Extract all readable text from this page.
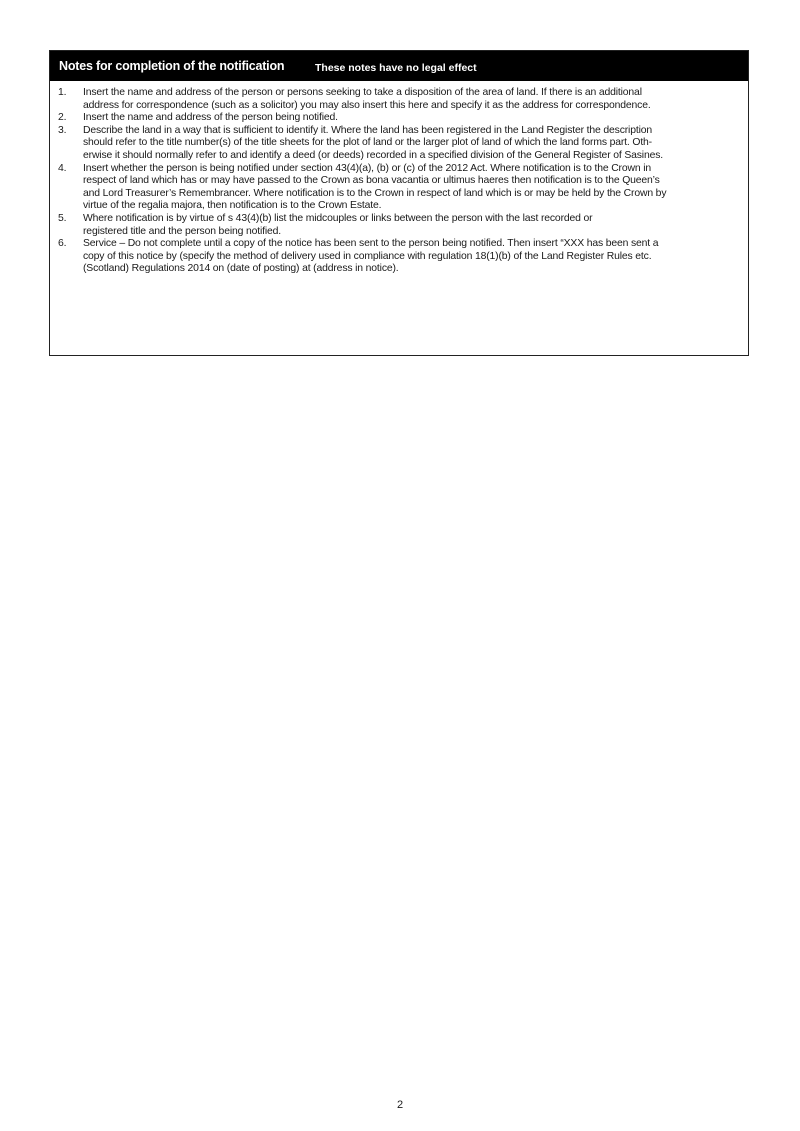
Notes for completion of the notification	These notes have no legal effect
1.	Insert the name and address of the person or persons seeking to take a disposition of the area of land. If there is an additional
address for correspondence (such as a solicitor) you may also insert this here and specify it as the address for correspondence.
2.	Insert the name and address of the person being notified.
3.	Describe the land in a way that is sufficient to identify it. Where the land has been registered in the Land Register the description
should refer to the title number(s) of the title sheets for the plot of land or the larger plot of land of which the land forms part. Oth-
erwise it should normally refer to and identify a deed (or deeds) recorded in a specified division of the General Register of Sasines.
4.	Insert whether the person is being notified under section 43(4)(a), (b) or (c) of the 2012 Act. Where notification is to the Crown in
respect of land which has or may have passed to the Crown as bona vacantia or ultimus haeres then notification is to the Queen’s
and Lord Treasurer’s Remembrancer. Where notification is to the Crown in respect of land which is or may be held by the Crown by
virtue of the regalia majora, then notification is to the Crown Estate.
5.	Where notification is by virtue of s 43(4)(b) list the midcouples or links between the person with the last recorded or
registered title and the person being notified.
6.	Service – Do not complete until a copy of the notice has been sent to the person being notified. Then insert “XXX has been sent a
copy of this notice by (specify the method of delivery used in compliance with regulation 18(1)(b) of the Land Register Rules etc.
(Scotland) Regulations 2014 on (date of posting) at (address in notice).
2
